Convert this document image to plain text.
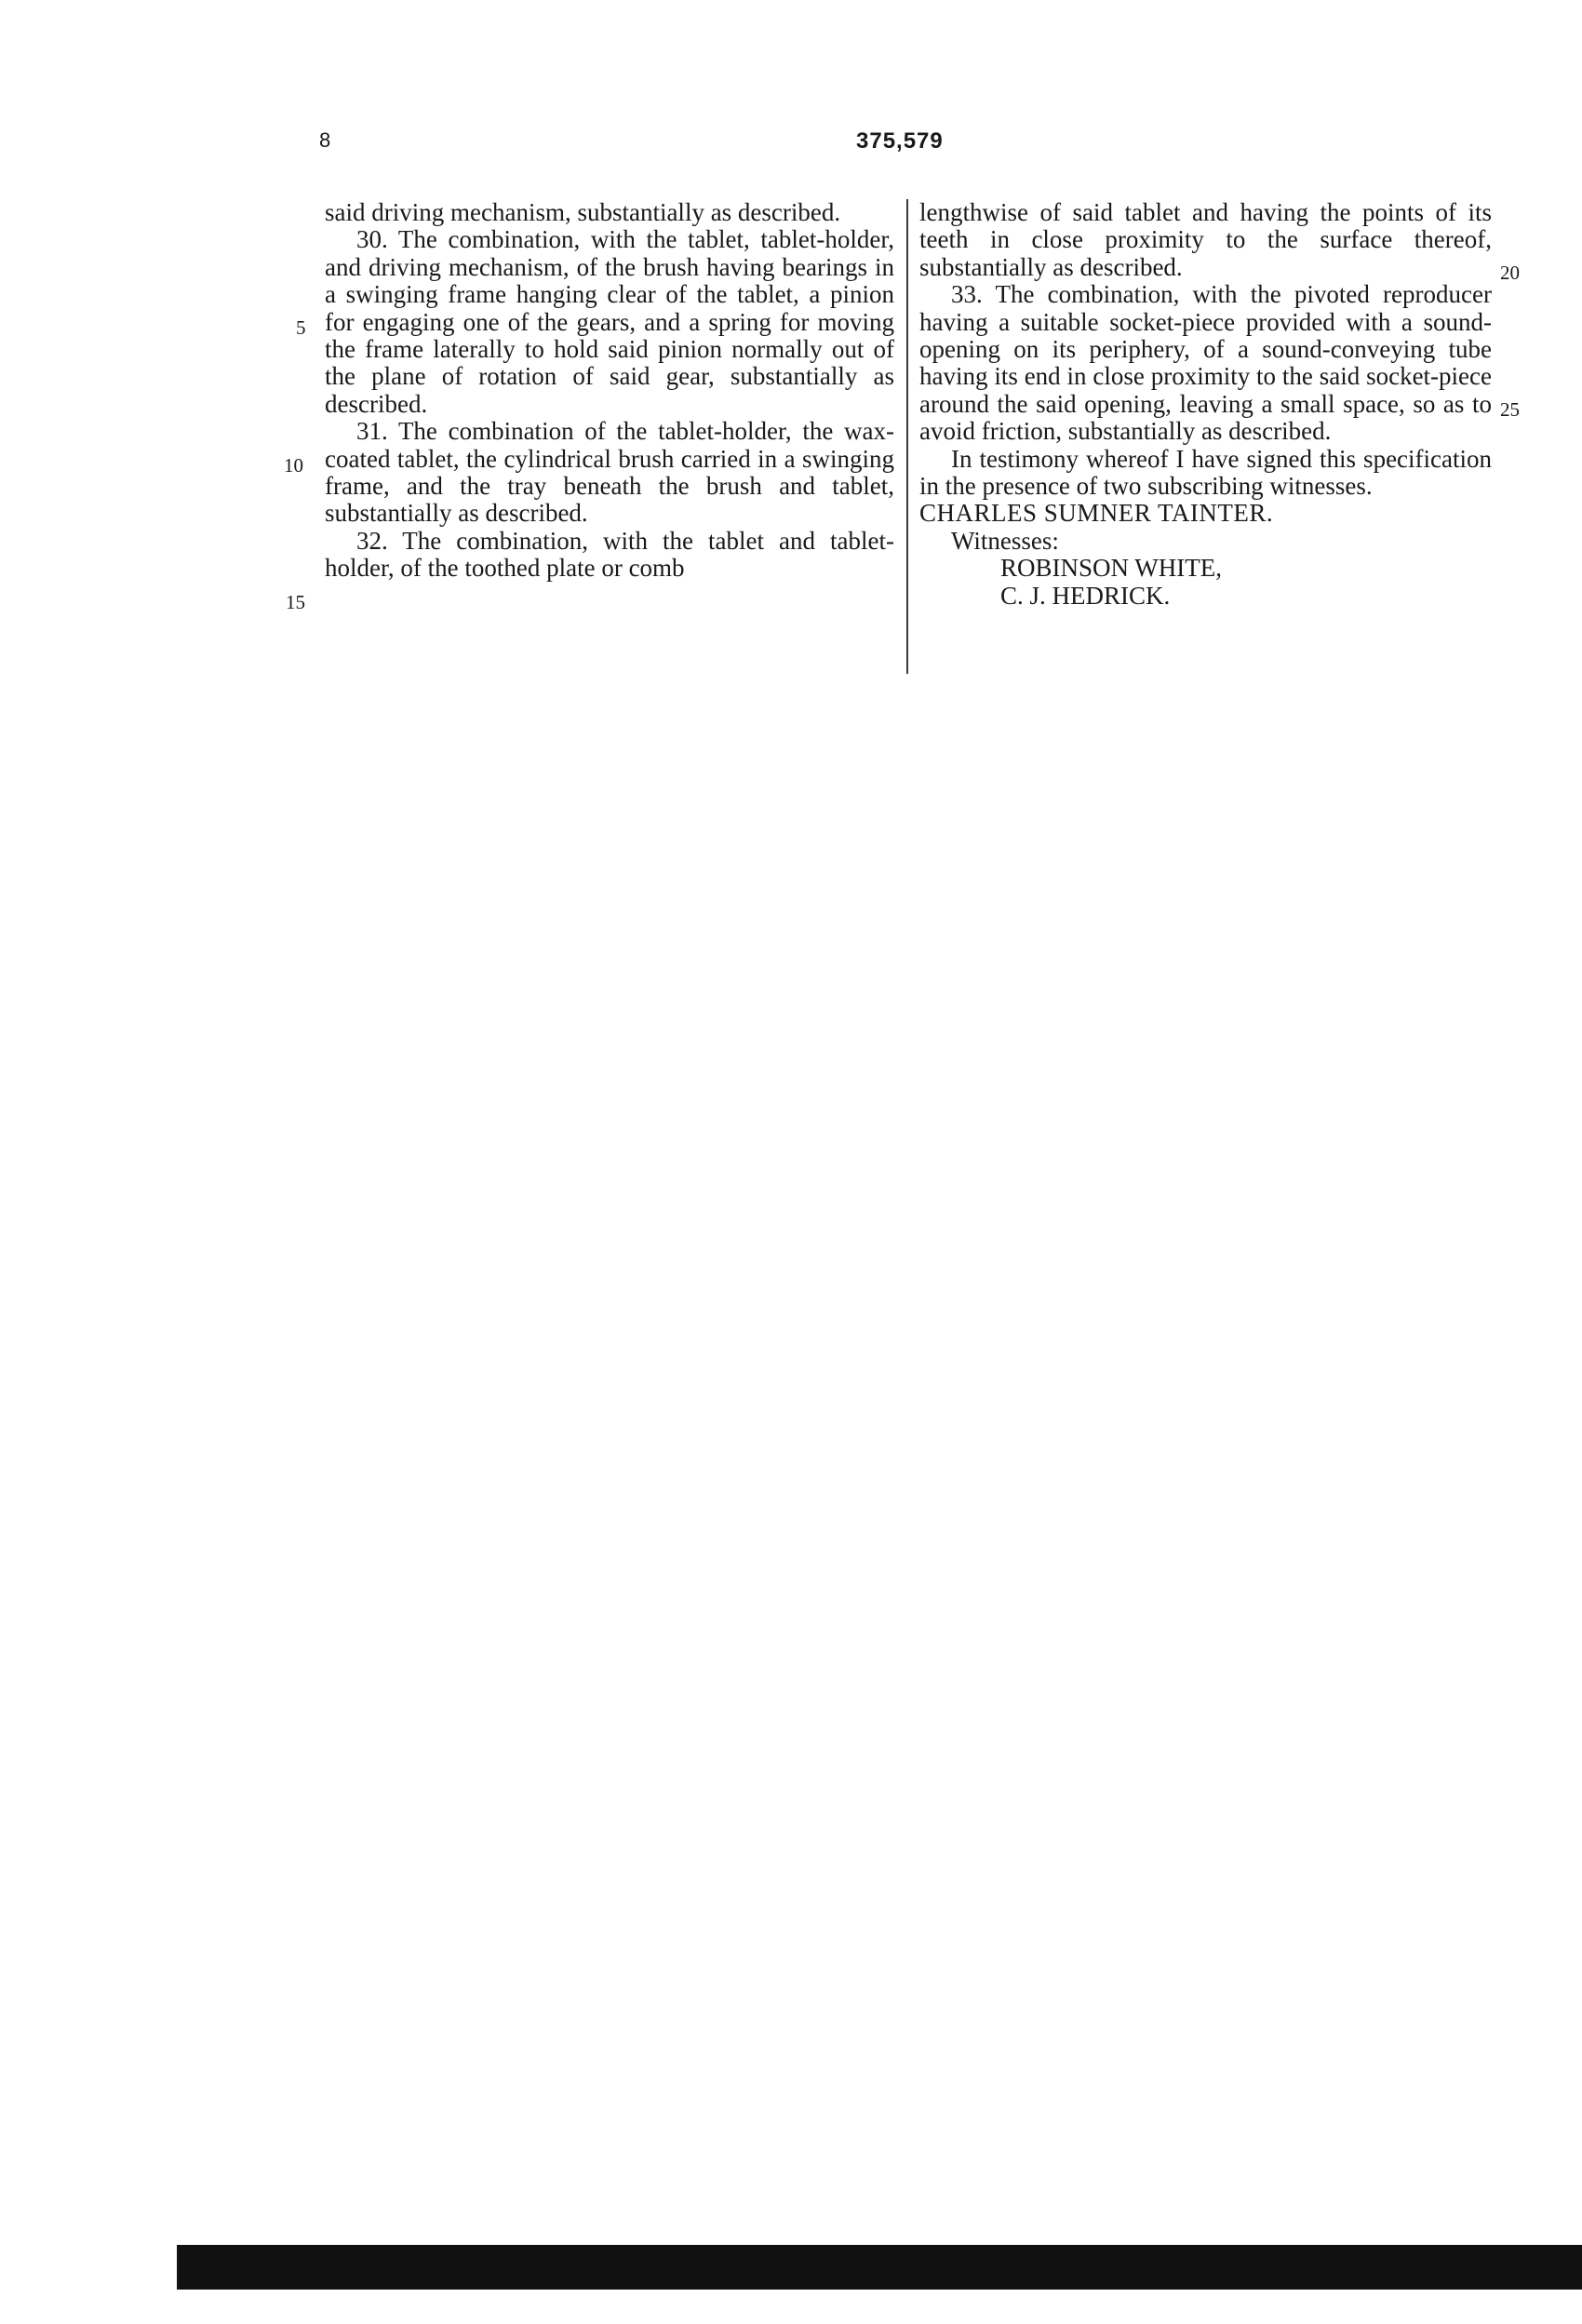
8	375,579
5
10
15
20
25

said driving mechanism, substantially as described.

30. The combination, with the tablet, tablet-holder, and driving mechanism, of the brush having bearings in a swinging frame hanging clear of the tablet, a pinion for engaging one of the gears, and a spring for moving the frame laterally to hold said pinion normally out of the plane of rotation of said gear, substantially as described.

31. The combination of the tablet-holder, the wax-coated tablet, the cylindrical brush carried in a swinging frame, and the tray beneath the brush and tablet, substantially as described.

32. The combination, with the tablet and tablet-holder, of the toothed plate or comb

lengthwise of said tablet and having the points of its teeth in close proximity to the surface thereof, substantially as described.

33. The combination, with the pivoted reproducer having a suitable socket-piece provided with a sound-opening on its periphery, of a sound-conveying tube having its end in close proximity to the said socket-piece around the said opening, leaving a small space, so as to avoid friction, substantially as described.

In testimony whereof I have signed this specification in the presence of two subscribing witnesses.

CHARLES SUMNER TAINTER.

Witnesses:

ROBINSON WHITE,

C. J. HEDRICK.
